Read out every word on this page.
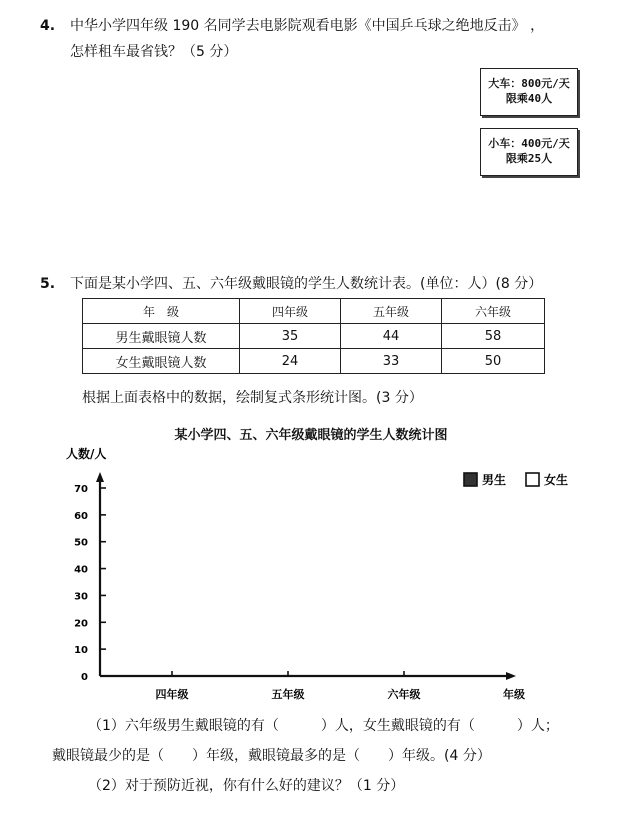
4. 中华小学四年级 190 名同学去电影院观看电影《中国乒乓球之绝地反击》 ，
怎样租车最省钱？（5 分）
大车：800元/天
限乘40人
小车：400元/天
限乘25人
5. 下面是某小学四、五、六年级戴眼镜的学生人数统计表。(单位：人）(8 分）
年　级	四年级	五年级	六年级
男生戴眼镜人数	35	44	58
女生戴眼镜人数	24	33	50
根据上面表格中的数据，绘制复式条形统计图。(3 分）
某小学四、五、六年级戴眼镜的学生人数统计图
人数/人
0
10
20
30
40
50
60
70
四年级	五年级	六年级	年级
男生	女生
（1）六年级男生戴眼镜的有（　　　）人，女生戴眼镜的有（　　　）人；
戴眼镜最少的是（　　）年级，戴眼镜最多的是（　　）年级。(4 分）
（2）对于预防近视，你有什么好的建议？（1 分）
